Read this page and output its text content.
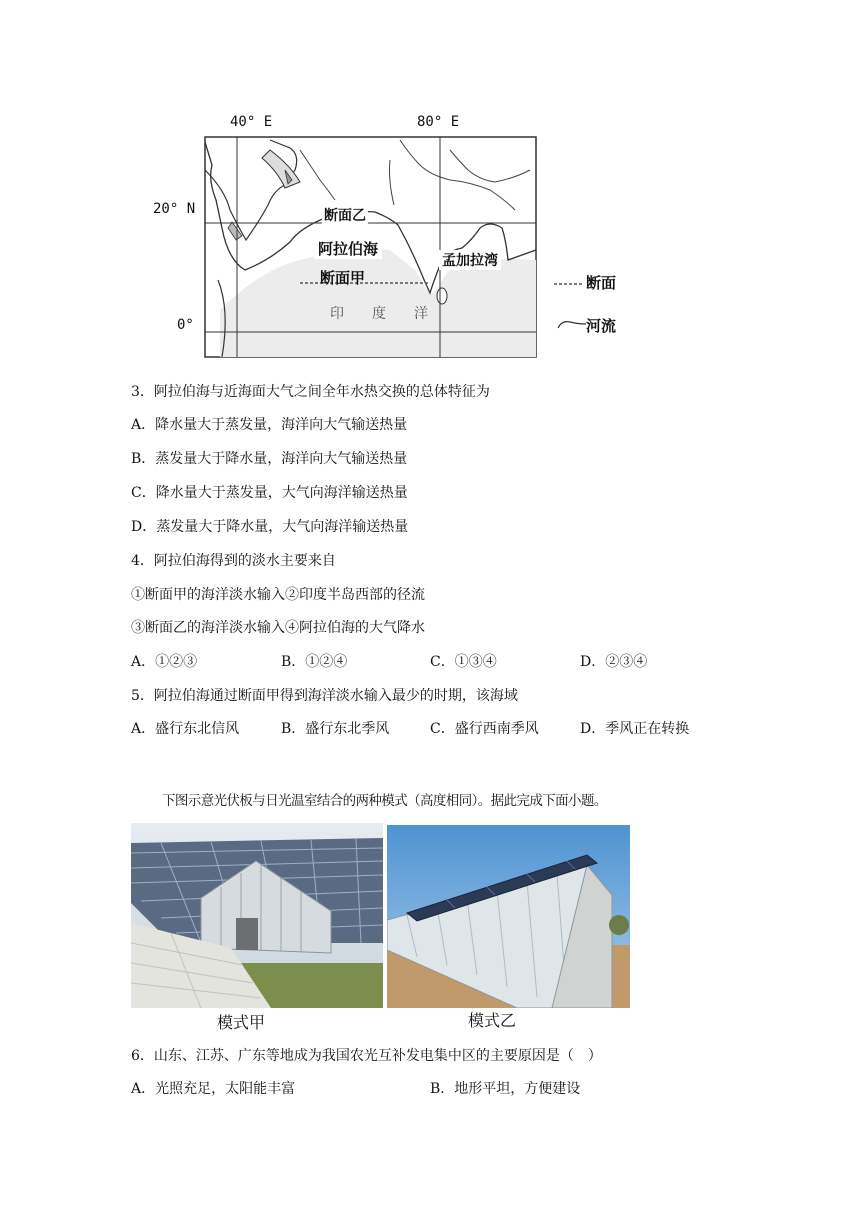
40° E	80° E
20° N
0°
断面乙
阿拉伯海
断面甲
孟加拉湾
印　　度　　洋
断面
河流
3．阿拉伯海与近海面大气之间全年水热交换的总体特征为
A．降水量大于蒸发量，海洋向大气输送热量
B．蒸发量大于降水量，海洋向大气输送热量
C．降水量大于蒸发量，大气向海洋输送热量
D．蒸发量大于降水量，大气向海洋输送热量
4．阿拉伯海得到的淡水主要来自
①断面甲的海洋淡水输入②印度半岛西部的径流
③断面乙的海洋淡水输入④阿拉伯海的大气降水
A．①②③	B．①②④	C．①③④	D．②③④
5．阿拉伯海通过断面甲得到海洋淡水输入最少的时期，该海域
A．盛行东北信风	B．盛行东北季风	C．盛行西南季风	D．季风正在转换
下图示意光伏板与日光温室结合的两种模式（高度相同）。据此完成下面小题。
模式甲	模式乙
6．山东、江苏、广东等地成为我国农光互补发电集中区的主要原因是（　）
A．光照充足，太阳能丰富	B．地形平坦，方便建设
